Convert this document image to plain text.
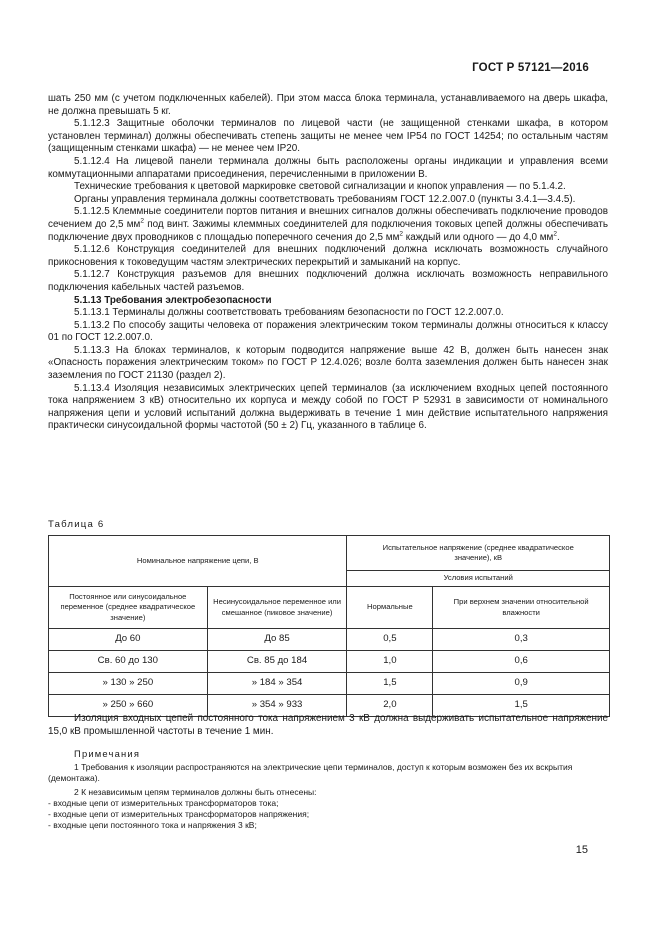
ГОСТ Р 57121—2016

шать 250 мм (с учетом подключенных кабелей). При этом масса блока терминала, устанавливаемого на дверь шкафа, не должна превышать 5 кг.

5.1.12.3 Защитные оболочки терминалов по лицевой части (не защищенной стенками шкафа, в котором установлен терминал) должны обеспечивать степень защиты не менее чем IP54 по ГОСТ 14254; по остальным частям (защищенным стенками шкафа) — не менее чем IP20.

5.1.12.4 На лицевой панели терминала должны быть расположены органы индикации и управления всеми коммутационными аппаратами присоединения, перечисленными в приложении В.

Технические требования к цветовой маркировке световой сигнализации и кнопок управления — по 5.1.4.2.

Органы управления терминала должны соответствовать требованиям ГОСТ 12.2.007.0 (пункты 3.4.1—3.4.5).

5.1.12.5 Клеммные соединители портов питания и внешних сигналов должны обеспечивать подключение проводов сечением до 2,5 $мм^2$ под винт. Зажимы клеммных соединителей для подключения токовых цепей должны обеспечивать подключение двух проводников с площадью поперечного сечения до 2,5 $мм^2$ каждый или одного — до 4,0 $мм^2$.

5.1.12.6 Конструкция соединителей для внешних подключений должна исключать возможность случайного прикосновения к токоведущим частям электрических перекрытий и замыканий на корпус.

5.1.12.7 Конструкция разъемов для внешних подключений должна исключать возможность неправильного подключения кабельных частей разъемов.

5.1.13 Требования электробезопасности

5.1.13.1 Терминалы должны соответствовать требованиям безопасности по ГОСТ 12.2.007.0.

5.1.13.2 По способу защиты человека от поражения электрическим током терминалы должны относиться к классу 01 по ГОСТ 12.2.007.0.

5.1.13.3 На блоках терминалов, к которым подводится напряжение выше 42 В, должен быть нанесен знак «Опасность поражения электрическим током» по ГОСТ Р 12.4.026; возле болта заземления должен быть нанесен знак заземления по ГОСТ 21130 (раздел 2).

5.1.13.4 Изоляция независимых электрических цепей терминалов (за исключением входных цепей постоянного тока напряжением 3 кВ) относительно их корпуса и между собой по ГОСТ Р 52931 в зависимости от номинального напряжения цепи и условий испытаний должна выдерживать в течение 1 мин действие испытательного напряжения практически синусоидальной формы частотой (50 ± 2) Гц, указанного в таблице 6.

Таблица 6
Номинальное напряжение цепи, В		Испытательное напряжение (среднее квадратическое значение), кВ	
		Условия испытаний	
Постоянное или синусоидальное переменное (среднее квадратическое значение)	Несинусоидальное переменное или смешанное (пиковое значение)	Нормальные	При верхнем значении относительной влажности
До 60	До 85	0,5	0,3
Св. 60 до 130	Св. 85 до 184	1,0	0,6
» 130 » 250	» 184 » 354	1,5	0,9
» 250 » 660	» 354 » 933	2,0	1,5

Изоляция входных цепей постоянного тока напряжением 3 кВ должна выдерживать испытательное напряжение 15,0 кВ промышленной частоты в течение 1 мин.

Примечания

1 Требования к изоляции распространяются на электрические цепи терминалов, доступ к которым возможен без их вскрытия (демонтажа).

2 К независимым цепям терминалов должны быть отнесены:

- входные цепи от измерительных трансформаторов тока;

- входные цепи от измерительных трансформаторов напряжения;

- входные цепи постоянного тока и напряжения 3 кВ;

15
